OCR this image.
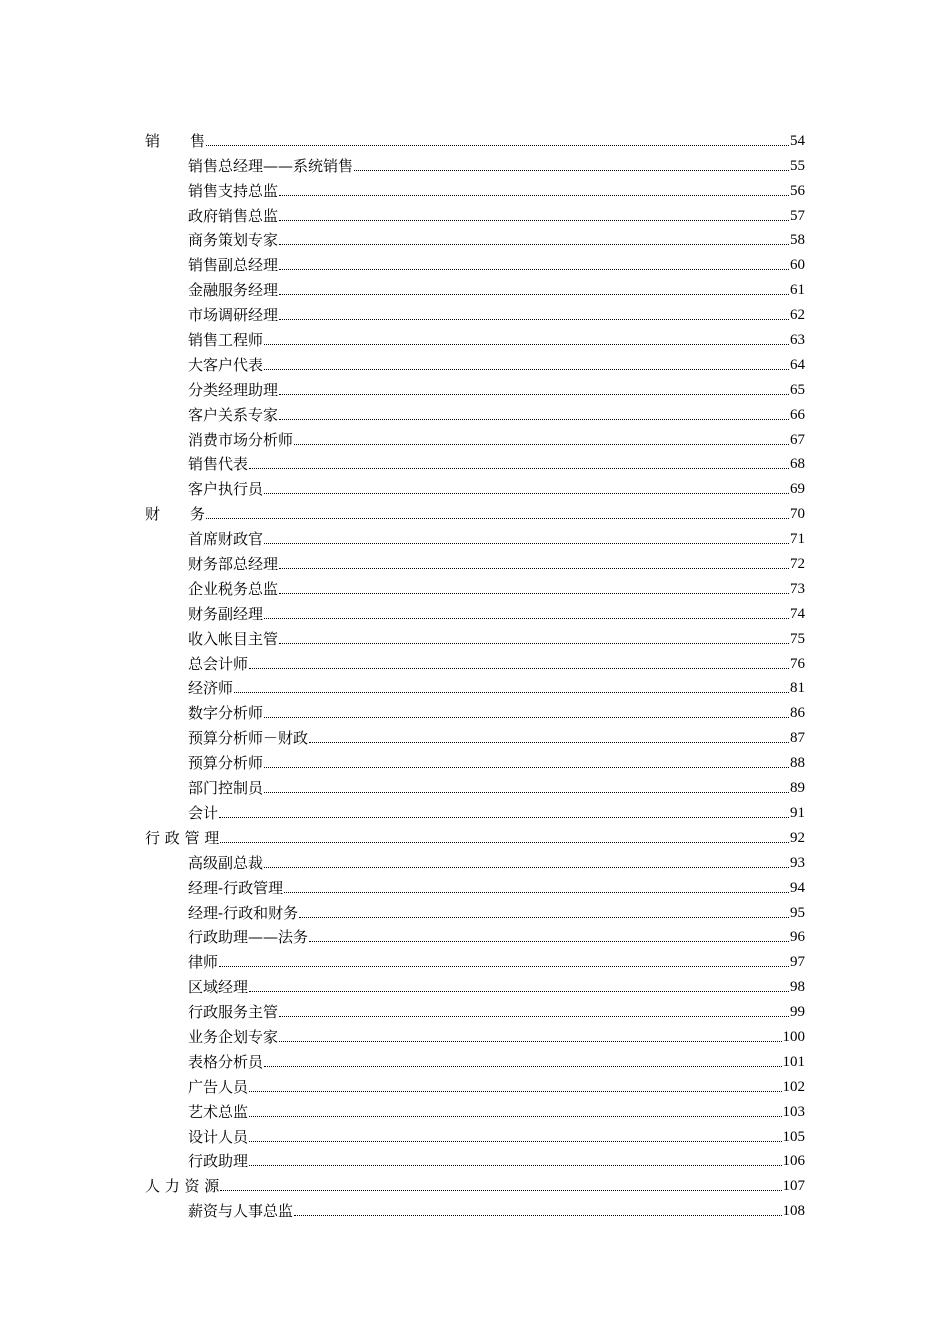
销　　售	54
销售总经理——系统销售	55
销售支持总监	56
政府销售总监	57
商务策划专家	58
销售副总经理	60
金融服务经理	61
市场调研经理	62
销售工程师	63
大客户代表	64
分类经理助理	65
客户关系专家	66
消费市场分析师	67
销售代表	68
客户执行员	69
财　　务	70
首席财政官	71
财务部总经理	72
企业税务总监	73
财务副经理	74
收入帐目主管	75
总会计师	76
经济师	81
数字分析师	86
预算分析师－财政	87
预算分析师	88
部门控制员	89
会计	91
行 政 管 理	92
高级副总裁	93
经理-行政管理	94
经理-行政和财务	95
行政助理——法务	96
律师	97
区域经理	98
行政服务主管	99
业务企划专家	100
表格分析员	101
广告人员	102
艺术总监	103
设计人员	105
行政助理	106
人 力 资 源	107
薪资与人事总监	108
